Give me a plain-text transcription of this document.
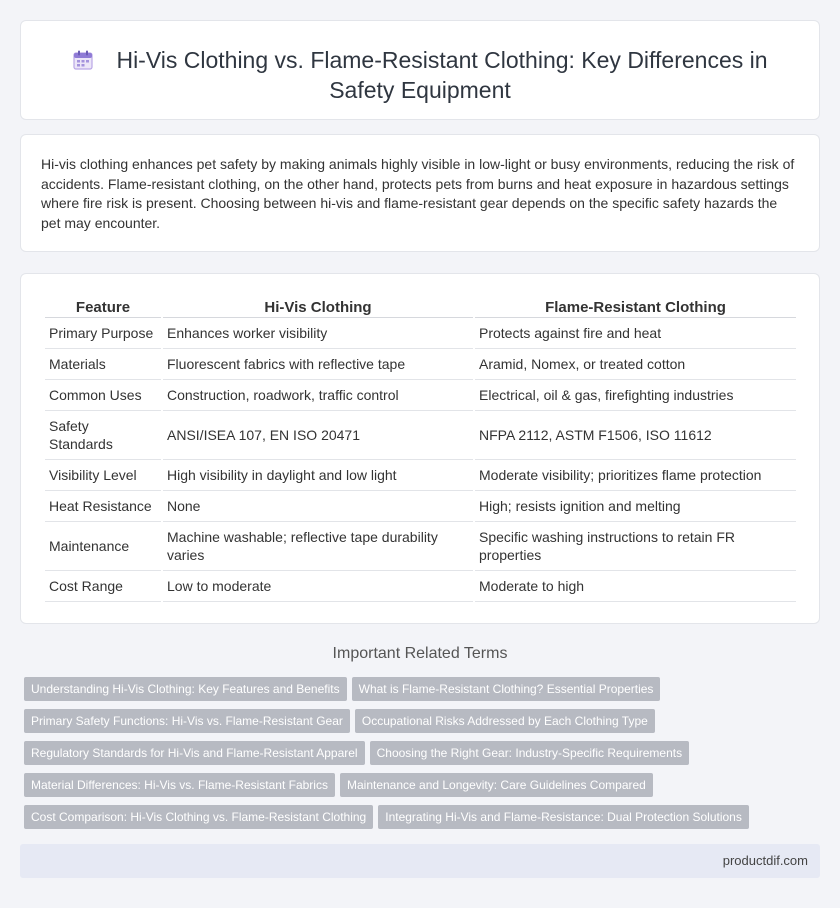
Hi-Vis Clothing vs. Flame-Resistant Clothing: Key Differences in Safety Equipment

Hi-vis clothing enhances pet safety by making animals highly visible in low-light or busy environments, reducing the risk of accidents. Flame-resistant clothing, on the other hand, protects pets from burns and heat exposure in hazardous settings where fire risk is present. Choosing between hi-vis and flame-resistant gear depends on the specific safety hazards the pet may encounter.

Feature	Hi-Vis Clothing	Flame-Resistant Clothing
Primary Purpose	Enhances worker visibility	Protects against fire and heat
Materials	Fluorescent fabrics with reflective tape	Aramid, Nomex, or treated cotton
Common Uses	Construction, roadwork, traffic control	Electrical, oil & gas, firefighting industries
Safety Standards	ANSI/ISEA 107, EN ISO 20471	NFPA 2112, ASTM F1506, ISO 11612
Visibility Level	High visibility in daylight and low light	Moderate visibility; prioritizes flame protection
Heat Resistance	None	High; resists ignition and melting
Maintenance	Machine washable; reflective tape durability varies	Specific washing instructions to retain FR properties
Cost Range	Low to moderate	Moderate to high
Important Related Terms
Understanding Hi-Vis Clothing: Key Features and Benefits What is Flame-Resistant Clothing? Essential Properties
Primary Safety Functions: Hi-Vis vs. Flame-Resistant Gear Occupational Risks Addressed by Each Clothing Type
Regulatory Standards for Hi-Vis and Flame-Resistant Apparel Choosing the Right Gear: Industry-Specific Requirements
Material Differences: Hi-Vis vs. Flame-Resistant Fabrics Maintenance and Longevity: Care Guidelines Compared
Cost Comparison: Hi-Vis Clothing vs. Flame-Resistant Clothing Integrating Hi-Vis and Flame-Resistance: Dual Protection Solutions
productdif.com
